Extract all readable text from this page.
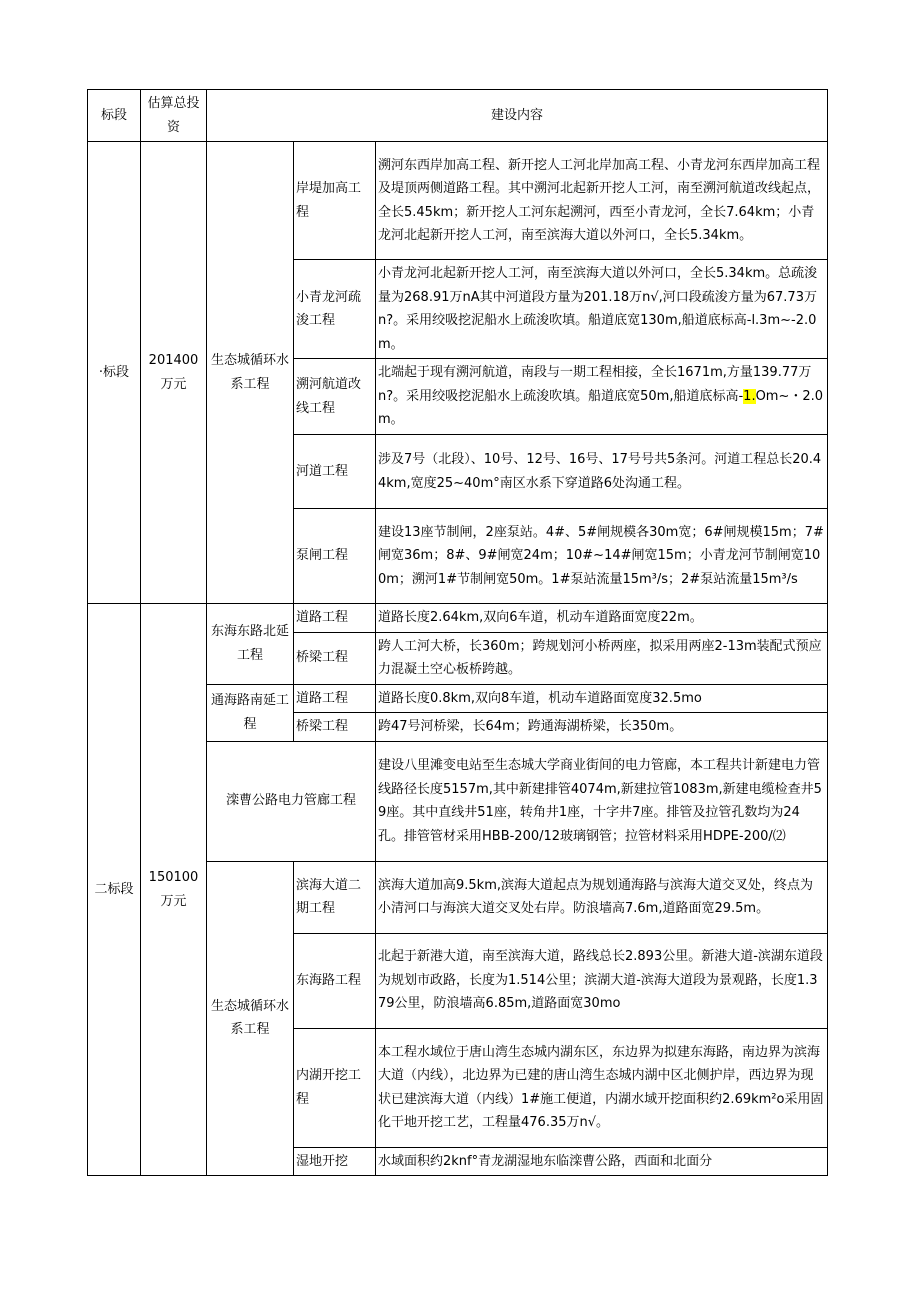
标段	估算总投资	建设内容		
·标段	201400万元	生态城循环水系工程	岸堤加高工程	溯河东西岸加高工程、新开挖人工河北岸加高工程、小青龙河东西岸加高工程及堤顶两侧道路工程。其中溯河北起新开挖人工河，南至溯河航道改线起点，全长5.45km；新开挖人工河东起溯河，西至小青龙河，全长7.64km；小青龙河北起新开挖人工河，南至滨海大道以外河口，全长5.34km。
			小青龙河疏浚工程	小青龙河北起新开挖人工河，南至滨海大道以外河口，全长5.34km。总疏浚量为268.91万nA其中河道段方量为201.18万n√,河口段疏浚方量为67.73万n?。采用绞吸挖泥船水上疏浚吹填。船道底宽130m,船道底标高-l.3m~-2.0m。
			溯河航道改线工程	北端起于现有溯河航道，南段与一期工程相接，全长1671m,方量139.77万n?。采用绞吸挖泥船水上疏浚吹填。船道底宽50m,船道底标高-1.Om~・2.0m。
			河道工程	涉及7号（北段）、10号、12号、16号、17号号共5条河。河道工程总长20.44km,宽度25~40m°南区水系下穿道路6处沟通工程。
			泵闸工程	建设13座节制闸，2座泵站。4#、5#闸规模各30m宽；6#闸规模15m；7#闸宽36m；8#、9#闸宽24m；10#~14#闸宽15m；小青龙河节制闸宽100m；溯河1#节制闸宽50m。1#泵站流量15m³/s；2#泵站流量15m³/s
二标段	150100万元	东海东路北延工程	道路工程	道路长度2.64km,双向6车道，机动车道路面宽度22m。
			桥梁工程	跨人工河大桥，长360m；跨规划河小桥两座，拟采用两座2-13m装配式预应力混凝土空心板桥跨越。
		通海路南延工程	道路工程	道路长度0.8km,双向8车道，机动车道路面宽度32.5mo
			桥梁工程	跨47号河桥梁，长64m；跨通海湖桥梁，长350m。
		滦曹公路电力管廊工程		建设八里滩变电站至生态城大学商业街间的电力管廊，本工程共计新建电力管线路径长度5157m,其中新建排管4074m,新建拉管1083m,新建电缆检查井59座。其中直线井51座，转角井1座，十字井7座。排管及拉管孔数均为24孔。排管管材采用HBB-200/12玻璃钢管；拉管材料采用HDPE-200/⑵
		生态城循环水系工程	滨海大道二期工程	滨海大道加高9.5km,滨海大道起点为规划通海路与滨海大道交叉处，终点为小清河口与海滨大道交叉处右岸。防浪墙高7.6m,道路面宽29.5m。
			东海路工程	北起于新港大道，南至滨海大道，路线总长2.893公里。新港大道-滨湖东道段为规划市政路，长度为1.514公里；滨湖大道-滨海大道段为景观路，长度1.379公里，防浪墙高6.85m,道路面宽30mo
			内湖开挖工程	本工程水域位于唐山湾生态城内湖东区，东边界为拟建东海路，南边界为滨海大道（内线），北边界为已建的唐山湾生态城内湖中区北侧护岸，西边界为现状已建滨海大道（内线）1#施工便道，内湖水域开挖面积约2.69km²o采用固化干地开挖工艺，工程量476.35万n√。
			湿地开挖	水域面积约2knf°青龙湖湿地东临滦曹公路，西面和北面分
